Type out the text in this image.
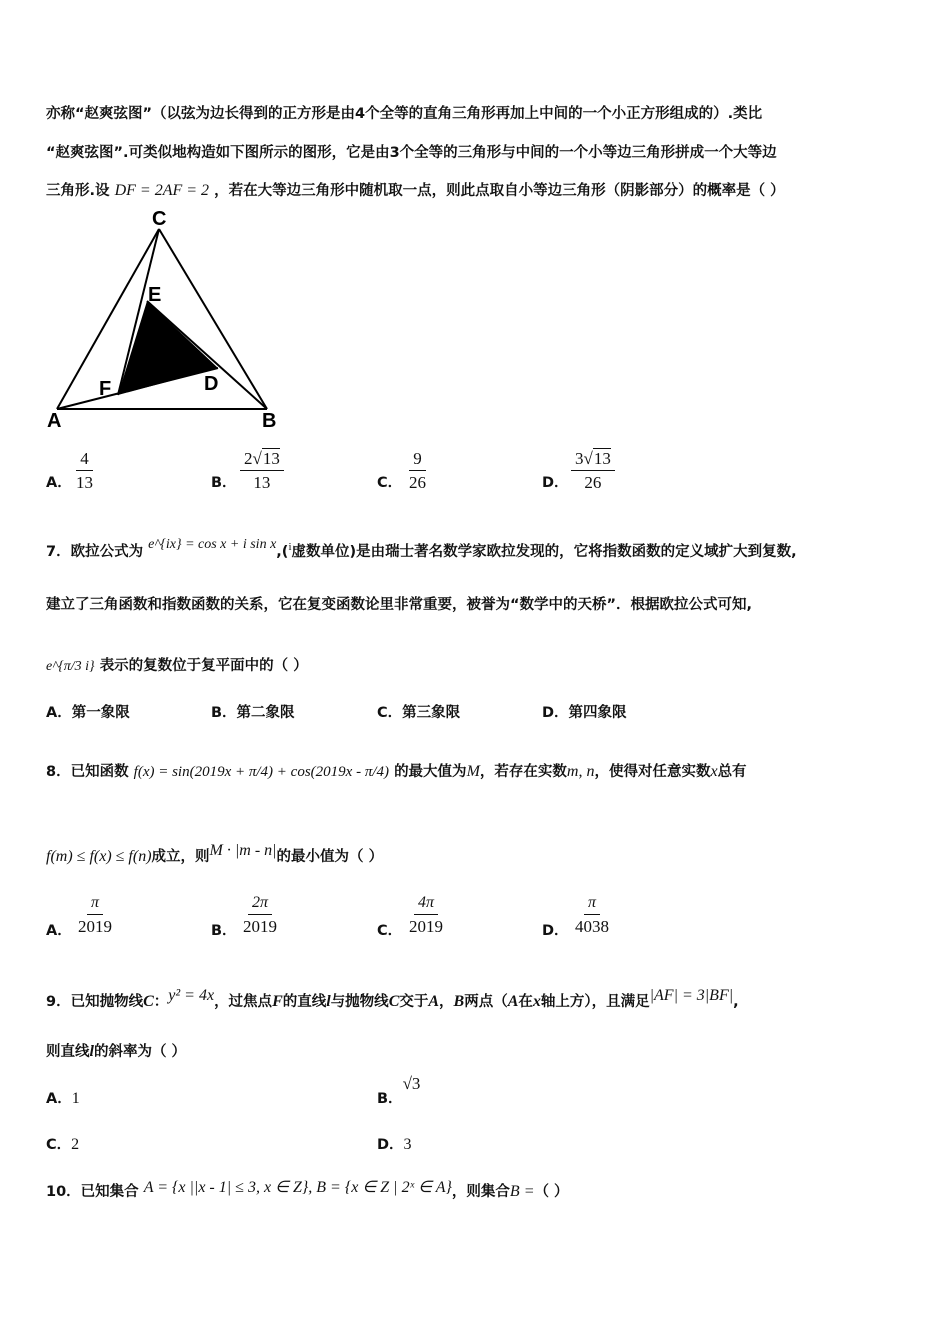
亦称“赵爽弦图”（以弦为边长得到的正方形是由4个全等的直角三角形再加上中间的一个小正方形组成的）.类比
“赵爽弦图”.可类似地构造如下图所示的图形，它是由3个全等的三角形与中间的一个小等边三角形拼成一个大等边
三角形.设 DF = 2AF = 2 ，若在大等边三角形中随机取一点，则此点取自小等边三角形（阴影部分）的概率是（ ）
C
E
D
F
A	B
A． $\frac{4}{13}$	B． $\frac{2√13}{13}$	C． $\frac{9}{26}$	D． $\frac{3√13}{26}$
7．欧拉公式为 e^{ix} = cos x + i sin x,($^i$虚数单位)是由瑞士著名数学家欧拉发现的，它将指数函数的定义域扩大到复数,
建立了三角函数和指数函数的关系，它在复变函数论里非常重要，被誉为“数学中的天桥”．根据欧拉公式可知,
e^{π/3 i} 表示的复数位于复平面中的（ ）
A．第一象限	B．第二象限	C．第三象限	D．第四象限
8．已知函数 f(x) = sin(2019x + π/4) + cos(2019x - π/4) 的最大值为M，若存在实数m, n，使得对任意实数x总有
f(m) ≤ f(x) ≤ f(n)成立，则M · |m - n|的最小值为（ ）
A． $\frac{\pi}{2019}$	B． $\frac{2\pi}{2019}$	C． $\frac{4\pi}{2019}$	D． $\frac{\pi}{4038}$
9．已知抛物线C：y² = 4x，过焦点F的直线l与抛物线C交于A，B两点（A在x轴上方），且满足|AF| = 3|BF|,
则直线l的斜率为（ ）
A．1	B．√3
C．2	D．3
10．已知集合 A = {x ||x - 1| ≤ 3, x ∈ Z}, B = {x ∈ Z | 2ˣ ∈ A}，则集合B =（ ）
